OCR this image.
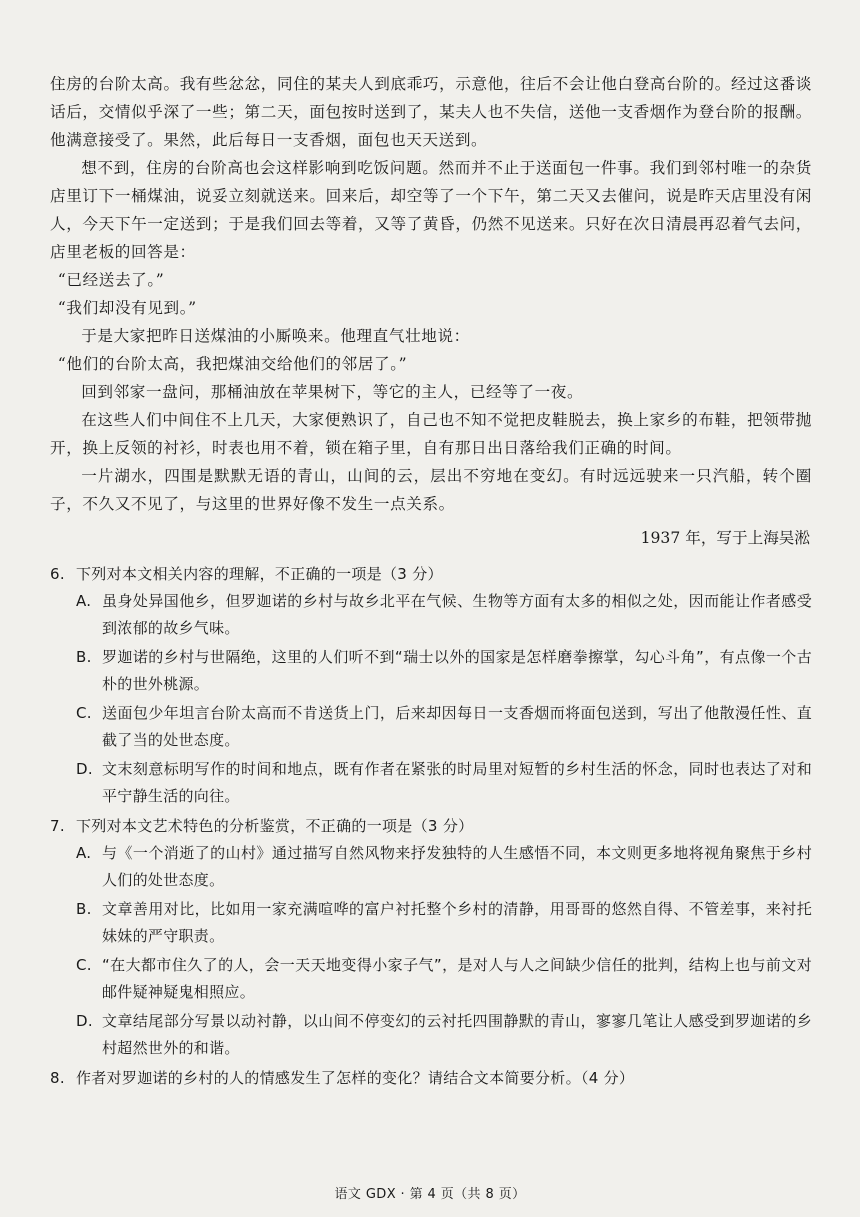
住房的台阶太高。我有些忿忿，同住的某夫人到底乖巧，示意他，往后不会让他白登高台阶的。经过这番谈话后，交情似乎深了一些；第二天，面包按时送到了，某夫人也不失信，送他一支香烟作为登台阶的报酬。他满意接受了。果然，此后每日一支香烟，面包也天天送到。

想不到，住房的台阶高也会这样影响到吃饭问题。然而并不止于送面包一件事。我们到邻村唯一的杂货店里订下一桶煤油，说妥立刻就送来。回来后，却空等了一个下午，第二天又去催问，说是昨天店里没有闲人，今天下午一定送到；于是我们回去等着，又等了黄昏，仍然不见送来。只好在次日清晨再忍着气去问，店里老板的回答是：

“已经送去了。”

“我们却没有见到。”

于是大家把昨日送煤油的小厮唤来。他理直气壮地说：

“他们的台阶太高，我把煤油交给他们的邻居了。”

回到邻家一盘问，那桶油放在苹果树下，等它的主人，已经等了一夜。

在这些人们中间住不上几天，大家便熟识了，自己也不知不觉把皮鞋脱去，换上家乡的布鞋，把领带抛开，换上反领的衬衫，时表也用不着，锁在箱子里，自有那日出日落给我们正确的时间。

一片湖水，四围是默默无语的青山，山间的云，层出不穷地在变幻。有时远远驶来一只汽船，转个圈子，不久又不见了，与这里的世界好像不发生一点关系。

1937 年，写于上海吴淞
6. 下列对本文相关内容的理解，不正确的一项是（3 分）
A. 虽身处异国他乡，但罗迦诺的乡村与故乡北平在气候、生物等方面有太多的相似之处，因而能让作者感受到浓郁的故乡气味。
B. 罗迦诺的乡村与世隔绝，这里的人们听不到“瑞士以外的国家是怎样磨拳擦掌，勾心斗角”，有点像一个古朴的世外桃源。
C. 送面包少年坦言台阶太高而不肯送货上门，后来却因每日一支香烟而将面包送到，写出了他散漫任性、直截了当的处世态度。
D. 文末刻意标明写作的时间和地点，既有作者在紧张的时局里对短暂的乡村生活的怀念，同时也表达了对和平宁静生活的向往。
7. 下列对本文艺术特色的分析鉴赏，不正确的一项是（3 分）
A. 与《一个消逝了的山村》通过描写自然风物来抒发独特的人生感悟不同，本文则更多地将视角聚焦于乡村人们的处世态度。
B. 文章善用对比，比如用一家充满喧哗的富户衬托整个乡村的清静，用哥哥的悠然自得、不管差事，来衬托妹妹的严守职责。
C. “在大都市住久了的人，会一天天地变得小家子气”，是对人与人之间缺少信任的批判，结构上也与前文对邮件疑神疑鬼相照应。
D. 文章结尾部分写景以动衬静，以山间不停变幻的云衬托四围静默的青山，寥寥几笔让人感受到罗迦诺的乡村超然世外的和谐。
8. 作者对罗迦诺的乡村的人的情感发生了怎样的变化？请结合文本简要分析。（4 分）
语文 GDX · 第 4 页（共 8 页）
